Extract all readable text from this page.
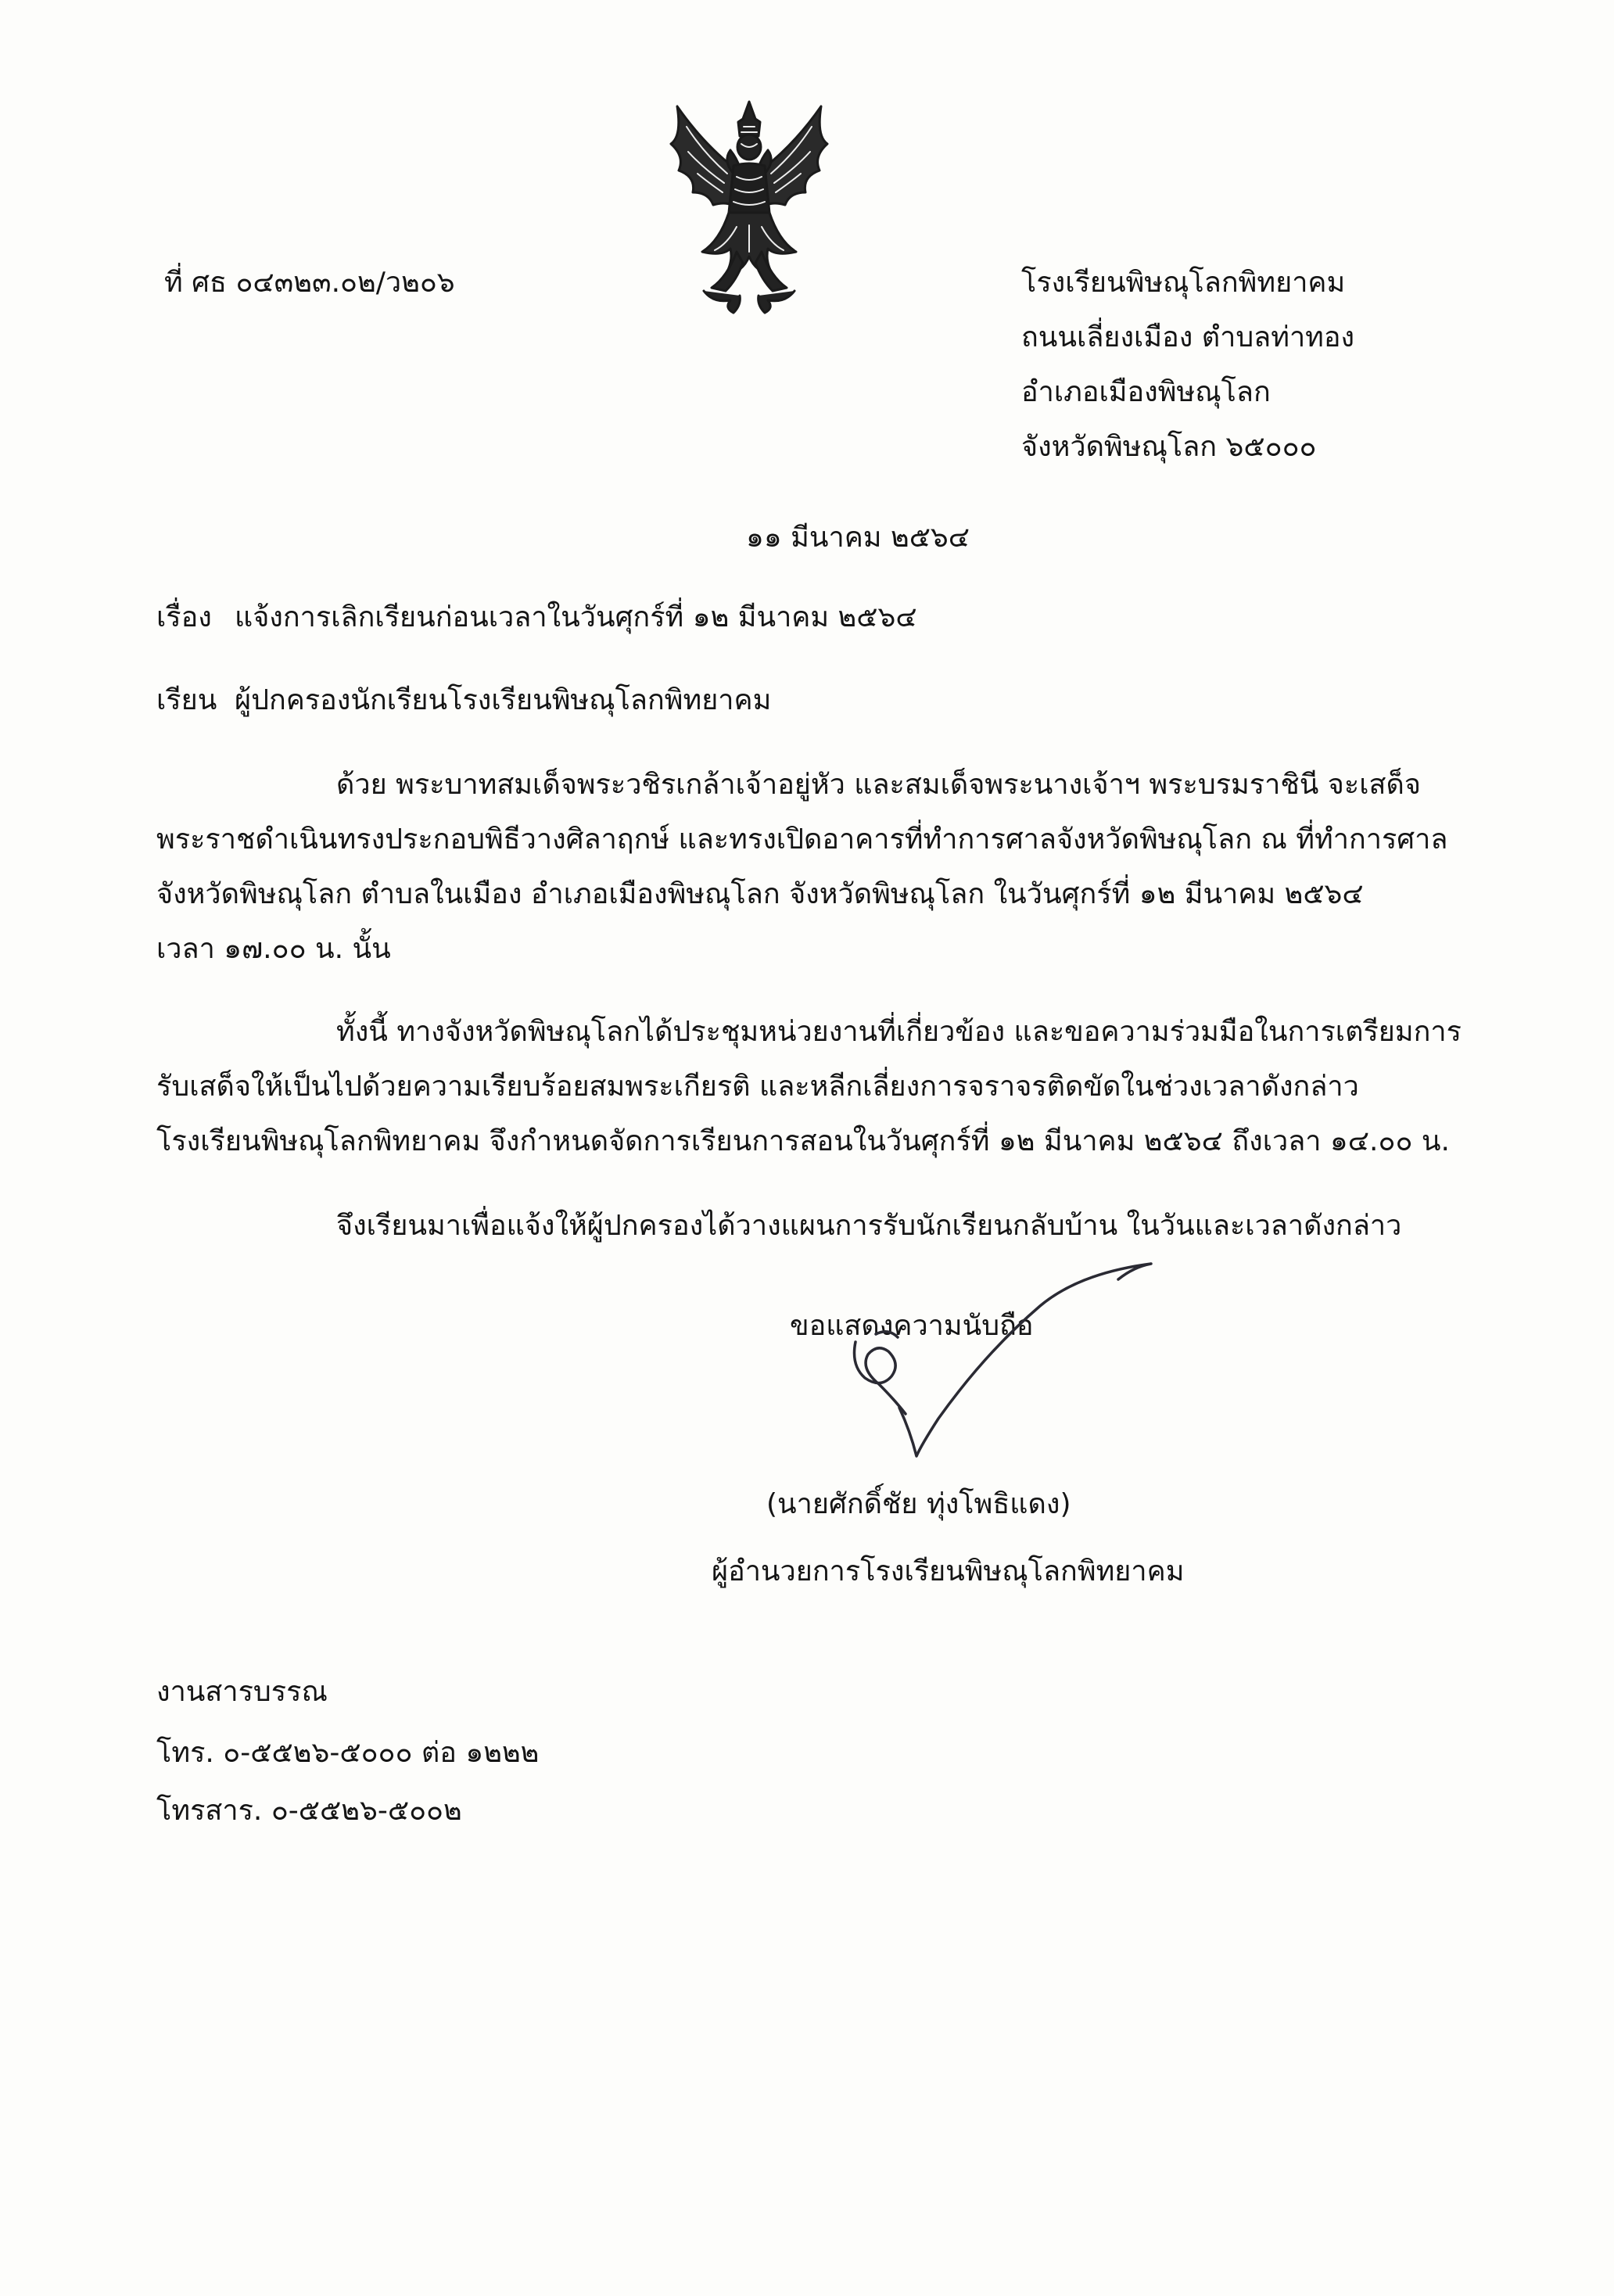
ที่ ศธ ๐๔๓๒๓.๐๒/ว๒๐๖	โรงเรียนพิษณุโลกพิทยาคม
ถนนเลี่ยงเมือง ตำบลท่าทอง
อำเภอเมืองพิษณุโลก
จังหวัดพิษณุโลก ๖๕๐๐๐
๑๑ มีนาคม ๒๕๖๔
เรื่อง แจ้งการเลิกเรียนก่อนเวลาในวันศุกร์ที่ ๑๒ มีนาคม ๒๕๖๔
เรียน ผู้ปกครองนักเรียนโรงเรียนพิษณุโลกพิทยาคม
ด้วย พระบาทสมเด็จพระวชิรเกล้าเจ้าอยู่หัว และสมเด็จพระนางเจ้าฯ พระบรมราชินี จะเสด็จ
พระราชดำเนินทรงประกอบพิธีวางศิลาฤกษ์ และทรงเปิดอาคารที่ทำการศาลจังหวัดพิษณุโลก ณ ที่ทำการศาล
จังหวัดพิษณุโลก ตำบลในเมือง อำเภอเมืองพิษณุโลก จังหวัดพิษณุโลก ในวันศุกร์ที่ ๑๒ มีนาคม ๒๕๖๔
เวลา ๑๗.๐๐ น. นั้น
ทั้งนี้ ทางจังหวัดพิษณุโลกได้ประชุมหน่วยงานที่เกี่ยวข้อง และขอความร่วมมือในการเตรียมการ
รับเสด็จให้เป็นไปด้วยความเรียบร้อยสมพระเกียรติ และหลีกเลี่ยงการจราจรติดขัดในช่วงเวลาดังกล่าว
โรงเรียนพิษณุโลกพิทยาคม จึงกำหนดจัดการเรียนการสอนในวันศุกร์ที่ ๑๒ มีนาคม ๒๕๖๔ ถึงเวลา ๑๔.๐๐ น.
จึงเรียนมาเพื่อแจ้งให้ผู้ปกครองได้วางแผนการรับนักเรียนกลับบ้าน ในวันและเวลาดังกล่าว
ขอแสดงความนับถือ
(นายศักดิ์ชัย ทุ่งโพธิแดง)
ผู้อำนวยการโรงเรียนพิษณุโลกพิทยาคม
งานสารบรรณ
โทร. ๐-๕๕๒๖-๕๐๐๐ ต่อ ๑๒๒๒
โทรสาร. ๐-๕๕๒๖-๕๐๐๒
